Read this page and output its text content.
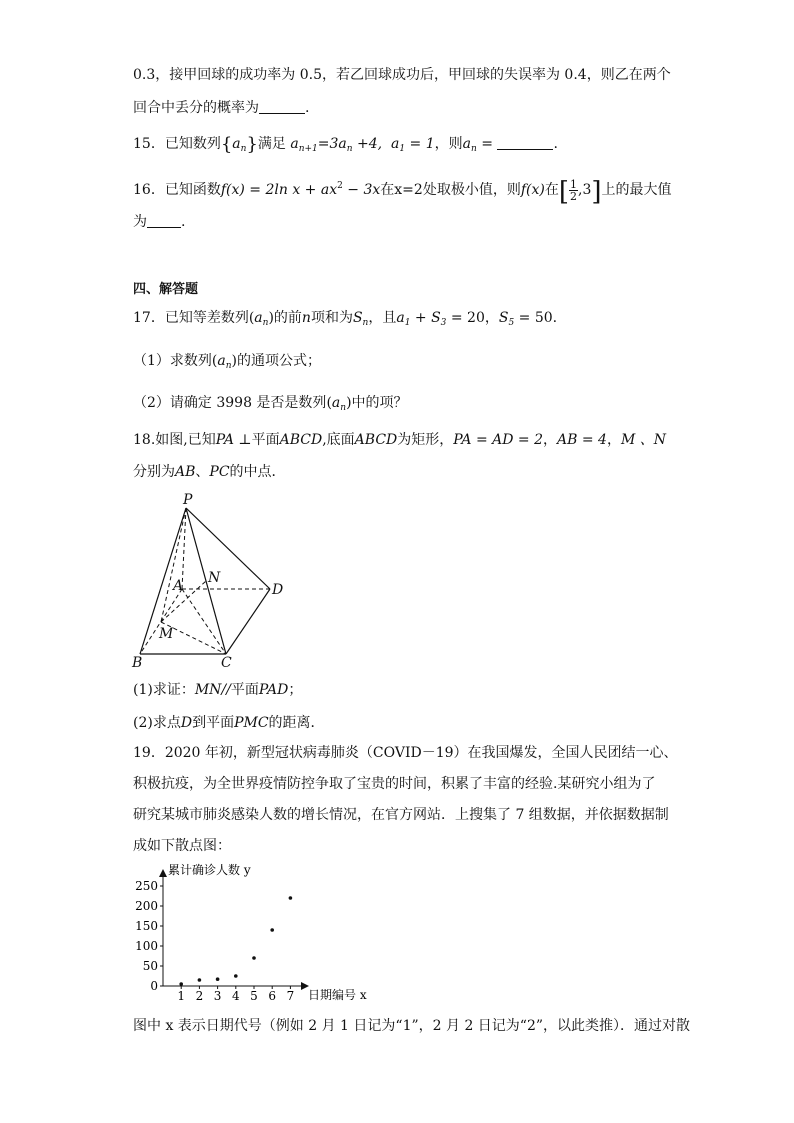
0.3，接甲回球的成功率为 0.5，若乙回球成功后，甲回球的失误率为 0.4，则乙在两个
回合中丢分的概率为	.
15．已知数列$\{a_n\}$满足 $a_{n+1}=3a_n +4$, $a_1 = 1$，则$a_n$ =	.
16．已知函数f(x) = 2ln $x + ax^2 - 3x$在x=2处取极小值，则f(x)在[ $\frac{1}{2} ,3$]上的最大值
为 .
四、解答题
17．已知等差数列$(a_n)$的前n项和为$S_n$，且$a_1 + S_3 = 20$，$S_5 = 50$.
（1）求数列$(a_n)$的通项公式；
（2）请确定 3998 是否是数列$(a_n)$中的项？
18.如图,已知PA ⊥平面ABCD,底面ABCD为矩形，PA = AD = 2，AB = 4，M 、N
分别为AB、PC的中点．
P
A N
D
M
B	C
(1)求证：MN//平面PAD；
(2)求点D到平面PMC的距离．
19．2020 年初，新型冠状病毒肺炎（COVID－19）在我国爆发，全国人民团结一心、
积极抗疫，为全世界疫情防控争取了宝贵的时间，积累了丰富的经验.某研究小组为了
研究某城市肺炎感染人数的增长情况，在官方网站．上搜集了 7 组数据，并依据数据制
成如下散点图：
累计确诊人数 y
日期编号 x
0
50
100
150
200
250
1 2 3 4 5 6 7
图中 x 表示日期代号（例如 2 月 1 日记为“1”，2 月 2 日记为“2”，以此类推）．通过对散
